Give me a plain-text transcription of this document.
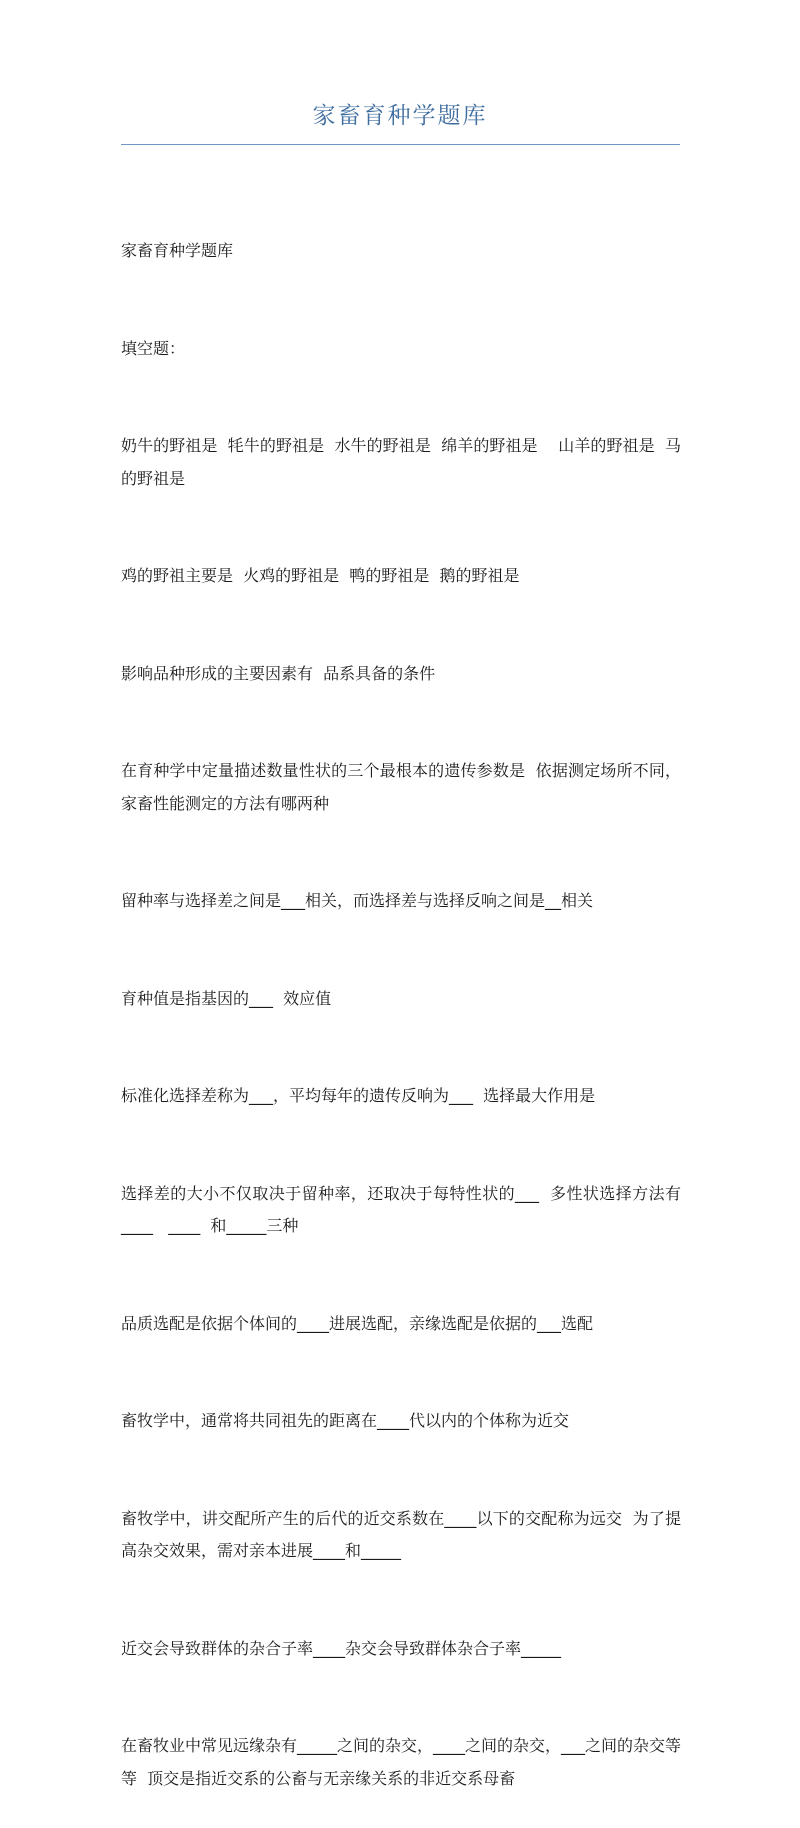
家畜育种学题库

家畜育种学题库

填空题：

奶牛的野祖是  牦牛的野祖是  水牛的野祖是  绵羊的野祖是    山羊的野祖是  马的野祖是

鸡的野祖主要是  火鸡的野祖是  鸭的野祖是  鹅的野祖是

影响品种形成的主要因素有  品系具备的条件

在育种学中定量描述数量性状的三个最根本的遗传参数是  依据测定场所不同，家畜性能测定的方法有哪两种

留种率与选择差之间是___相关，而选择差与选择反响之间是__相关

育种值是指基因的___  效应值

标准化选择差称为___，平均每年的遗传反响为___  选择最大作用是

选择差的大小不仅取决于留种率，还取决于每特性状的___  多性状选择方法有____   ____  和_____三种

品质选配是依据个体间的____进展选配，亲缘选配是依据的___选配

畜牧学中，通常将共同祖先的距离在____代以内的个体称为近交

畜牧学中，讲交配所产生的后代的近交系数在____以下的交配称为远交  为了提高杂交效果，需对亲本进展____和_____

近交会导致群体的杂合子率____杂交会导致群体杂合子率_____

在畜牧业中常见远缘杂有_____之间的杂交，____之间的杂交，___之间的杂交等等  顶交是指近交系的公畜与无亲缘关系的非近交系母畜
